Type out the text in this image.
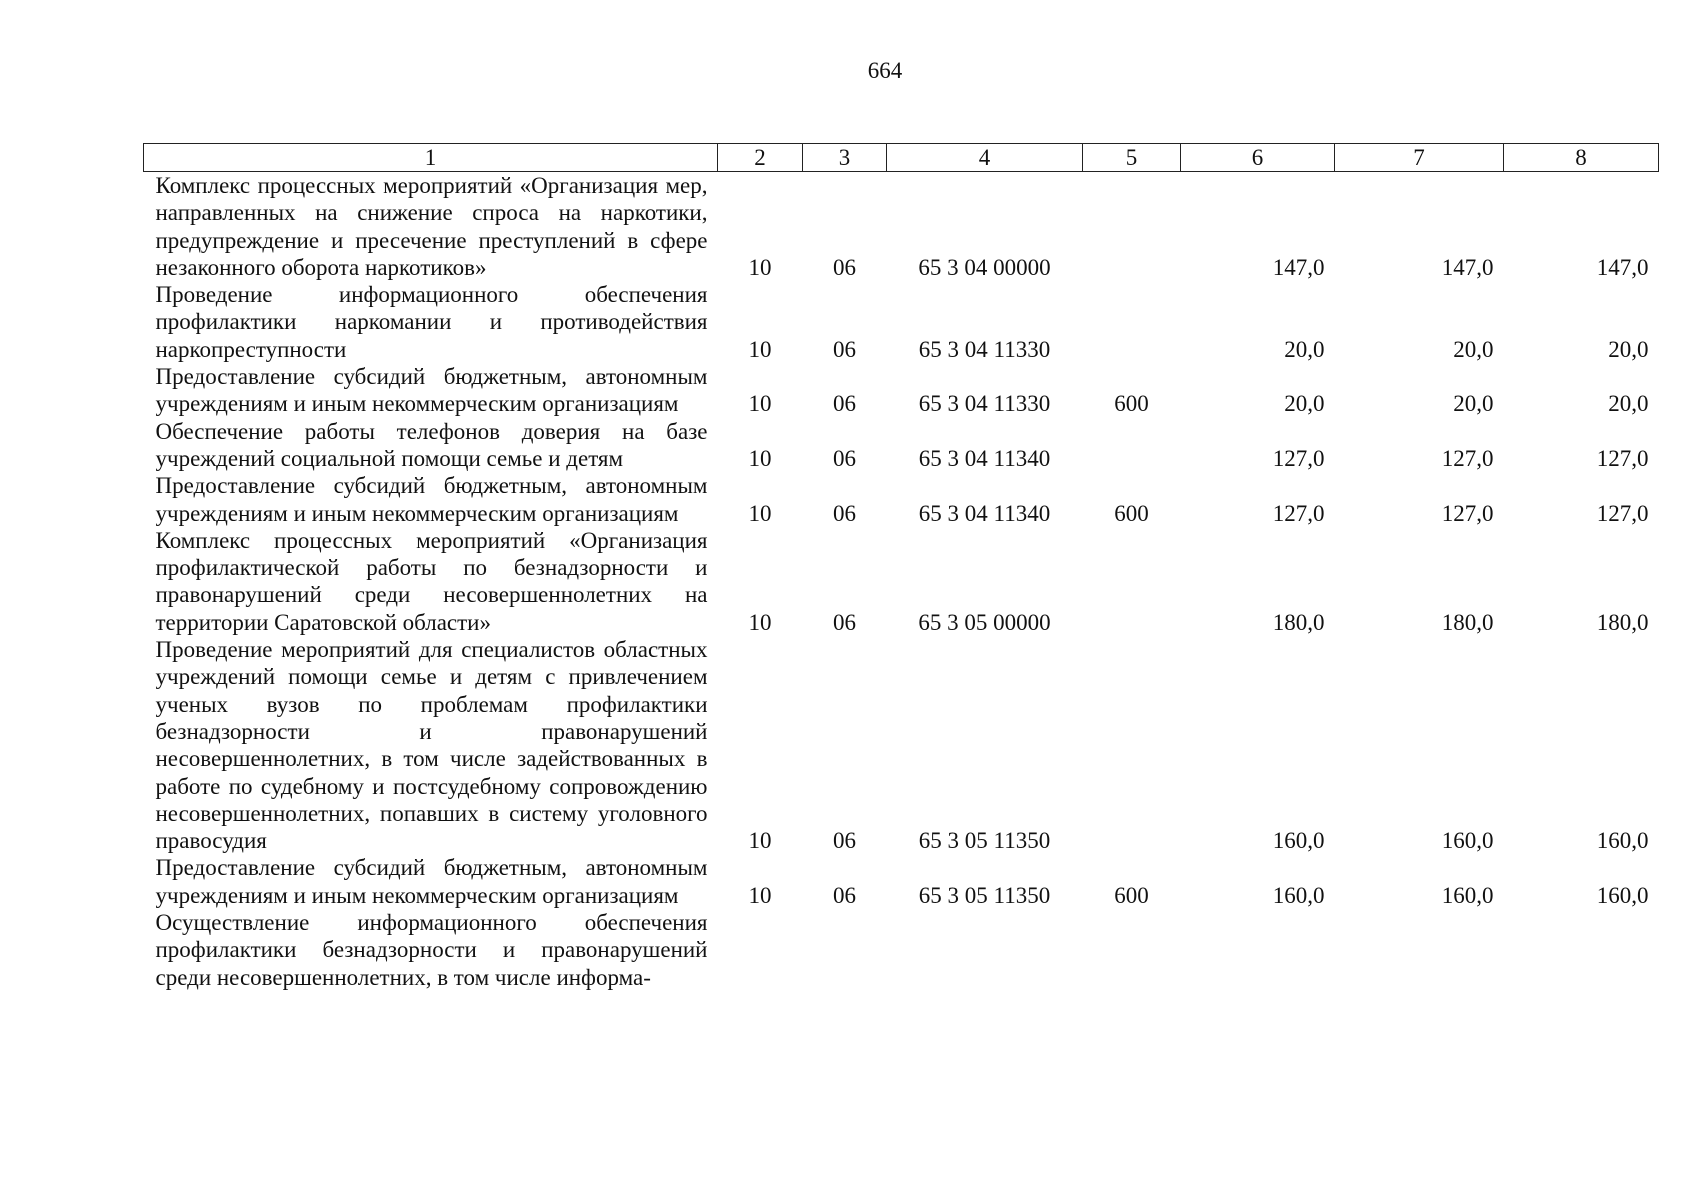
664
1	2	3	4	5	6	7	8
Комплекс процессных мероприятий «Организация мер, направленных на снижение спроса на наркотики, предупреждение и пресечение преступлений в сфере незаконного оборота наркотиков»	10	06	65 3 04 00000		147,0	147,0	147,0
Проведение информационного обеспечения профилактики наркомании и противодействия наркопреступности	10	06	65 3 04 11330		20,0	20,0	20,0
Предоставление субсидий бюджетным, автономным учреждениям и иным некоммерческим организациям	10	06	65 3 04 11330	600	20,0	20,0	20,0
Обеспечение работы телефонов доверия на базе учреждений социальной помощи семье и детям	10	06	65 3 04 11340		127,0	127,0	127,0
Предоставление субсидий бюджетным, автономным учреждениям и иным некоммерческим организациям	10	06	65 3 04 11340	600	127,0	127,0	127,0
Комплекс процессных мероприятий «Организация профилактической работы по безнадзорности и правонарушений среди несовершеннолетних на территории Саратовской области»	10	06	65 3 05 00000		180,0	180,0	180,0
Проведение мероприятий для специалистов областных учреждений помощи семье и детям с привлечением ученых вузов по проблемам профилактики безнадзорности и правонарушений несовершеннолетних, в том числе задействованных в работе по судебному и постсудебному сопровождению несовершеннолетних, попавших в систему уголовного правосудия	10	06	65 3 05 11350		160,0	160,0	160,0
Предоставление субсидий бюджетным, автономным учреждениям и иным некоммерческим организациям	10	06	65 3 05 11350	600	160,0	160,0	160,0
Осуществление информационного обеспечения профилактики безнадзорности и правонарушений среди несовершеннолетних, в том числе информа-							
